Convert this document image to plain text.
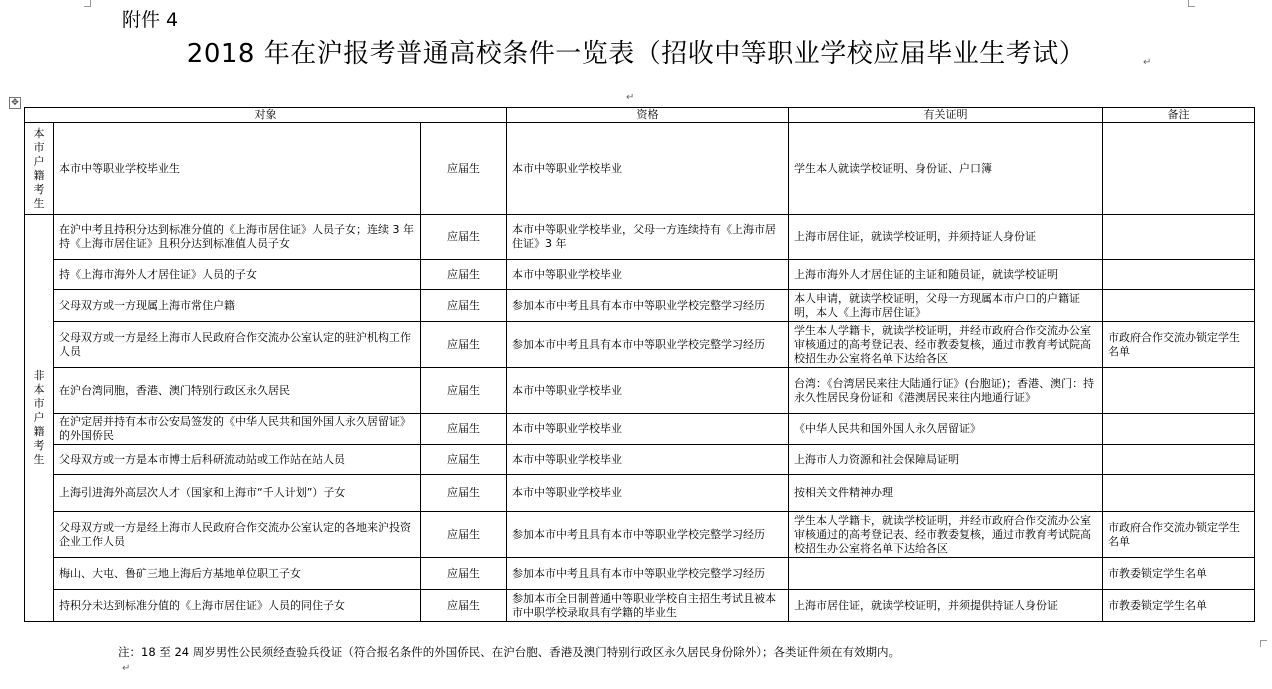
附件 4
2018 年在沪报考普通高校条件一览表（招收中等职业学校应届毕业生考试）	↵
↵
↵
✥
对象			资格	有关证明	备注
本市户籍考生	本市中等职业学校毕业生	应届生	本市中等职业学校毕业	学生本人就读学校证明、身份证、户口簿	
非本市户籍考生	在沪中考且持积分达到标准分值的《上海市居住证》人员子女；连续 3 年持《上海市居住证》且积分达到标准值人员子女	应届生	本市中等职业学校毕业，父母一方连续持有《上海市居住证》3 年	上海市居住证，就读学校证明，并须持证人身份证	
	持《上海市海外人才居住证》人员的子女	应届生	本市中等职业学校毕业	上海市海外人才居住证的主证和随员证，就读学校证明	
	父母双方或一方现属上海市常住户籍	应届生	参加本市中考且具有本市中等职业学校完整学习经历	本人申请，就读学校证明，父母一方现属本市户口的户籍证明，本人《上海市居住证》	
	父母双方或一方是经上海市人民政府合作交流办公室认定的驻沪机构工作人员	应届生	参加本市中考且具有本市中等职业学校完整学习经历	学生本人学籍卡，就读学校证明，并经市政府合作交流办公室审核通过的高考登记表、经市教委复核，通过市教育考试院高校招生办公室将名单下达给各区	市政府合作交流办锁定学生名单
	在沪台湾同胞，香港、澳门特别行政区永久居民	应届生	本市中等职业学校毕业	台湾：《台湾居民来往大陆通行证》(台胞证)；香港、澳门：持永久性居民身份证和《港澳居民来往内地通行证》	
	在沪定居并持有本市公安局签发的《中华人民共和国外国人永久居留证》的外国侨民	应届生	本市中等职业学校毕业	《中华人民共和国外国人永久居留证》	
	父母双方或一方是本市博士后科研流动站或工作站在站人员	应届生	本市中等职业学校毕业	上海市人力资源和社会保障局证明	
	上海引进海外高层次人才（国家和上海市“千人计划”）子女	应届生	本市中等职业学校毕业	按相关文件精神办理	
	父母双方或一方是经上海市人民政府合作交流办公室认定的各地来沪投资企业工作人员	应届生	参加本市中考且具有本市中等职业学校完整学习经历	学生本人学籍卡，就读学校证明，并经市政府合作交流办公室审核通过的高考登记表、经市教委复核，通过市教育考试院高校招生办公室将名单下达给各区	市政府合作交流办锁定学生名单
	梅山、大屯、鲁矿三地上海后方基地单位职工子女	应届生	参加本市中考且具有本市中等职业学校完整学习经历		市教委锁定学生名单
	持积分未达到标准分值的《上海市居住证》人员的同住子女	应届生	参加本市全日制普通中等职业学校自主招生考试且被本市中职学校录取具有学籍的毕业生	上海市居住证，就读学校证明，并须提供持证人身份证	市教委锁定学生名单
注：18 至 24 周岁男性公民须经查验兵役证（符合报名条件的外国侨民、在沪台胞、香港及澳门特别行政区永久居民身份除外）；各类证件须在有效期内。
